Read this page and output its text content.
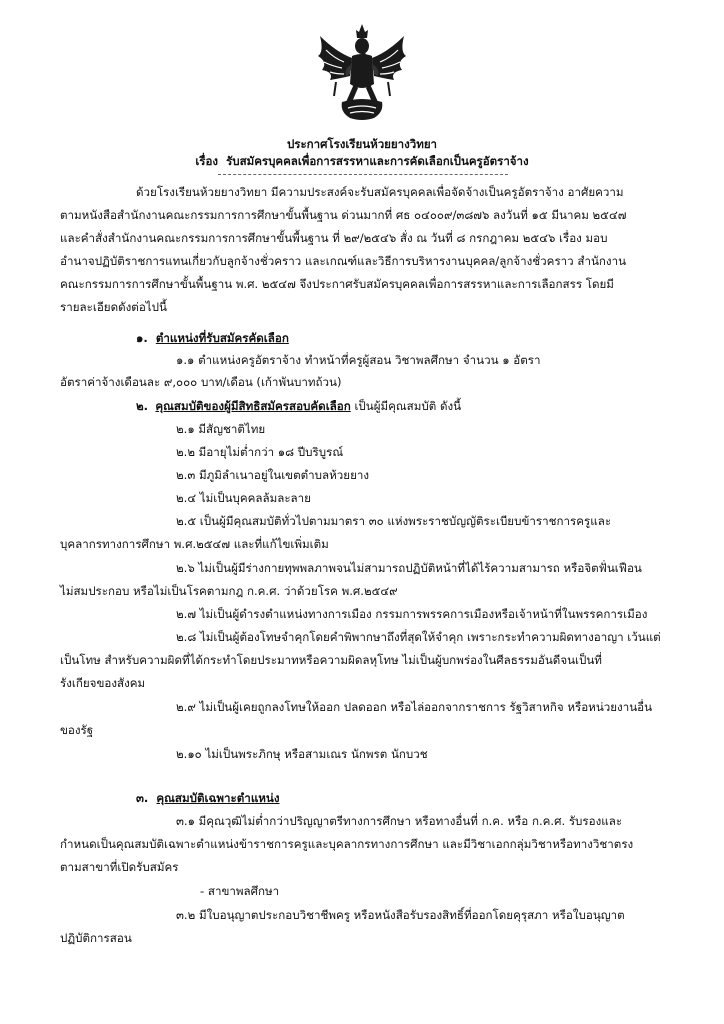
ประกาศโรงเรียนห้วยยางวิทยา
เรื่อง รับสมัครบุคคลเพื่อการสรรหาและการคัดเลือกเป็นครูอัตราจ้าง
ด้วยโรงเรียนห้วยยางวิทยา มีความประสงค์จะรับสมัครบุคคลเพื่อจัดจ้างเป็นครูอัตราจ้าง อาศัยความ
ตามหนังสือสำนักงานคณะกรรมการการศึกษาขั้นพื้นฐาน ด่วนมากที่ ศธ ๐๔๐๐๙/๓๘๗๖ ลงวันที่ ๑๕ มีนาคม ๒๕๔๗
และคำสั่งสำนักงานคณะกรรมการการศึกษาขั้นพื้นฐาน ที่ ๒๙/๒๕๔๖ สั่ง ณ วันที่ ๘ กรกฎาคม ๒๕๔๖ เรื่อง มอบ
อำนาจปฏิบัติราชการแทนเกี่ยวกับลูกจ้างชั่วคราว และเกณฑ์และวิธีการบริหารงานบุคคล/ลูกจ้างชั่วคราว สำนักงาน
คณะกรรมการการศึกษาขั้นพื้นฐาน พ.ศ. ๒๕๔๗ จึงประกาศรับสมัครบุคคลเพื่อการสรรหาและการเลือกสรร โดยมี
รายละเอียดดังต่อไปนี้
๑. ตำแหน่งที่รับสมัครคัดเลือก
๑.๑ ตำแหน่งครูอัตราจ้าง ทำหน้าที่ครูผู้สอน วิชาพลศึกษา จำนวน ๑ อัตรา
อัตราค่าจ้างเดือนละ ๙,๐๐๐ บาท/เดือน (เก้าพันบาทถ้วน)
๒. คุณสมบัติของผู้มีสิทธิสมัครสอบคัดเลือก เป็นผู้มีคุณสมบัติ ดังนี้
๒.๑ มีสัญชาติไทย
๒.๒ มีอายุไม่ต่ำกว่า ๑๘ ปีบริบูรณ์
๒.๓ มีภูมิลำเนาอยู่ในเขตตำบลห้วยยาง
๒.๔ ไม่เป็นบุคคลล้มละลาย
๒.๕ เป็นผู้มีคุณสมบัติทั่วไปตามมาตรา ๓๐ แห่งพระราชบัญญัติระเบียบข้าราชการครูและ
บุคลากรทางการศึกษา พ.ศ.๒๕๔๗ และที่แก้ไขเพิ่มเติม
๒.๖ ไม่เป็นผู้มีร่างกายทุพพลภาพจนไม่สามารถปฏิบัติหน้าที่ได้ไร้ความสามารถ หรือจิตฟั่นเฟือน
ไม่สมประกอบ หรือไม่เป็นโรคตามกฎ ก.ค.ศ. ว่าด้วยโรค พ.ศ.๒๕๔๙
๒.๗ ไม่เป็นผู้ดำรงตำแหน่งทางการเมือง กรรมการพรรคการเมืองหรือเจ้าหน้าที่ในพรรคการเมือง
๒.๘ ไม่เป็นผู้ต้องโทษจำคุกโดยคำพิพากษาถึงที่สุดให้จำคุก เพราะกระทำความผิดทางอาญา เว้นแต่
เป็นโทษ สำหรับความผิดที่ได้กระทำโดยประมาทหรือความผิดลหุโทษ ไม่เป็นผู้บกพร่องในศีลธรรมอันดีจนเป็นที่
รังเกียจของสังคม
๒.๙ ไม่เป็นผู้เคยถูกลงโทษให้ออก ปลดออก หรือไล่ออกจากราชการ รัฐวิสาหกิจ หรือหน่วยงานอื่น
ของรัฐ
๒.๑๐ ไม่เป็นพระภิกษุ หรือสามเณร นักพรต นักบวช
๓. คุณสมบัติเฉพาะตำแหน่ง
๓.๑ มีคุณวุฒิไม่ต่ำกว่าปริญญาตรีทางการศึกษา หรือทางอื่นที่ ก.ค. หรือ ก.ค.ศ. รับรองและ
กำหนดเป็นคุณสมบัติเฉพาะตำแหน่งข้าราชการครูและบุคลากรทางการศึกษา และมีวิชาเอกกลุ่มวิชาหรือทางวิชาตรง
ตามสาขาที่เปิดรับสมัคร
- สาขาพลศึกษา
๓.๒ มีใบอนุญาตประกอบวิชาชีพครู หรือหนังสือรับรองสิทธิ์ที่ออกโดยคุรุสภา หรือใบอนุญาต
ปฏิบัติการสอน
